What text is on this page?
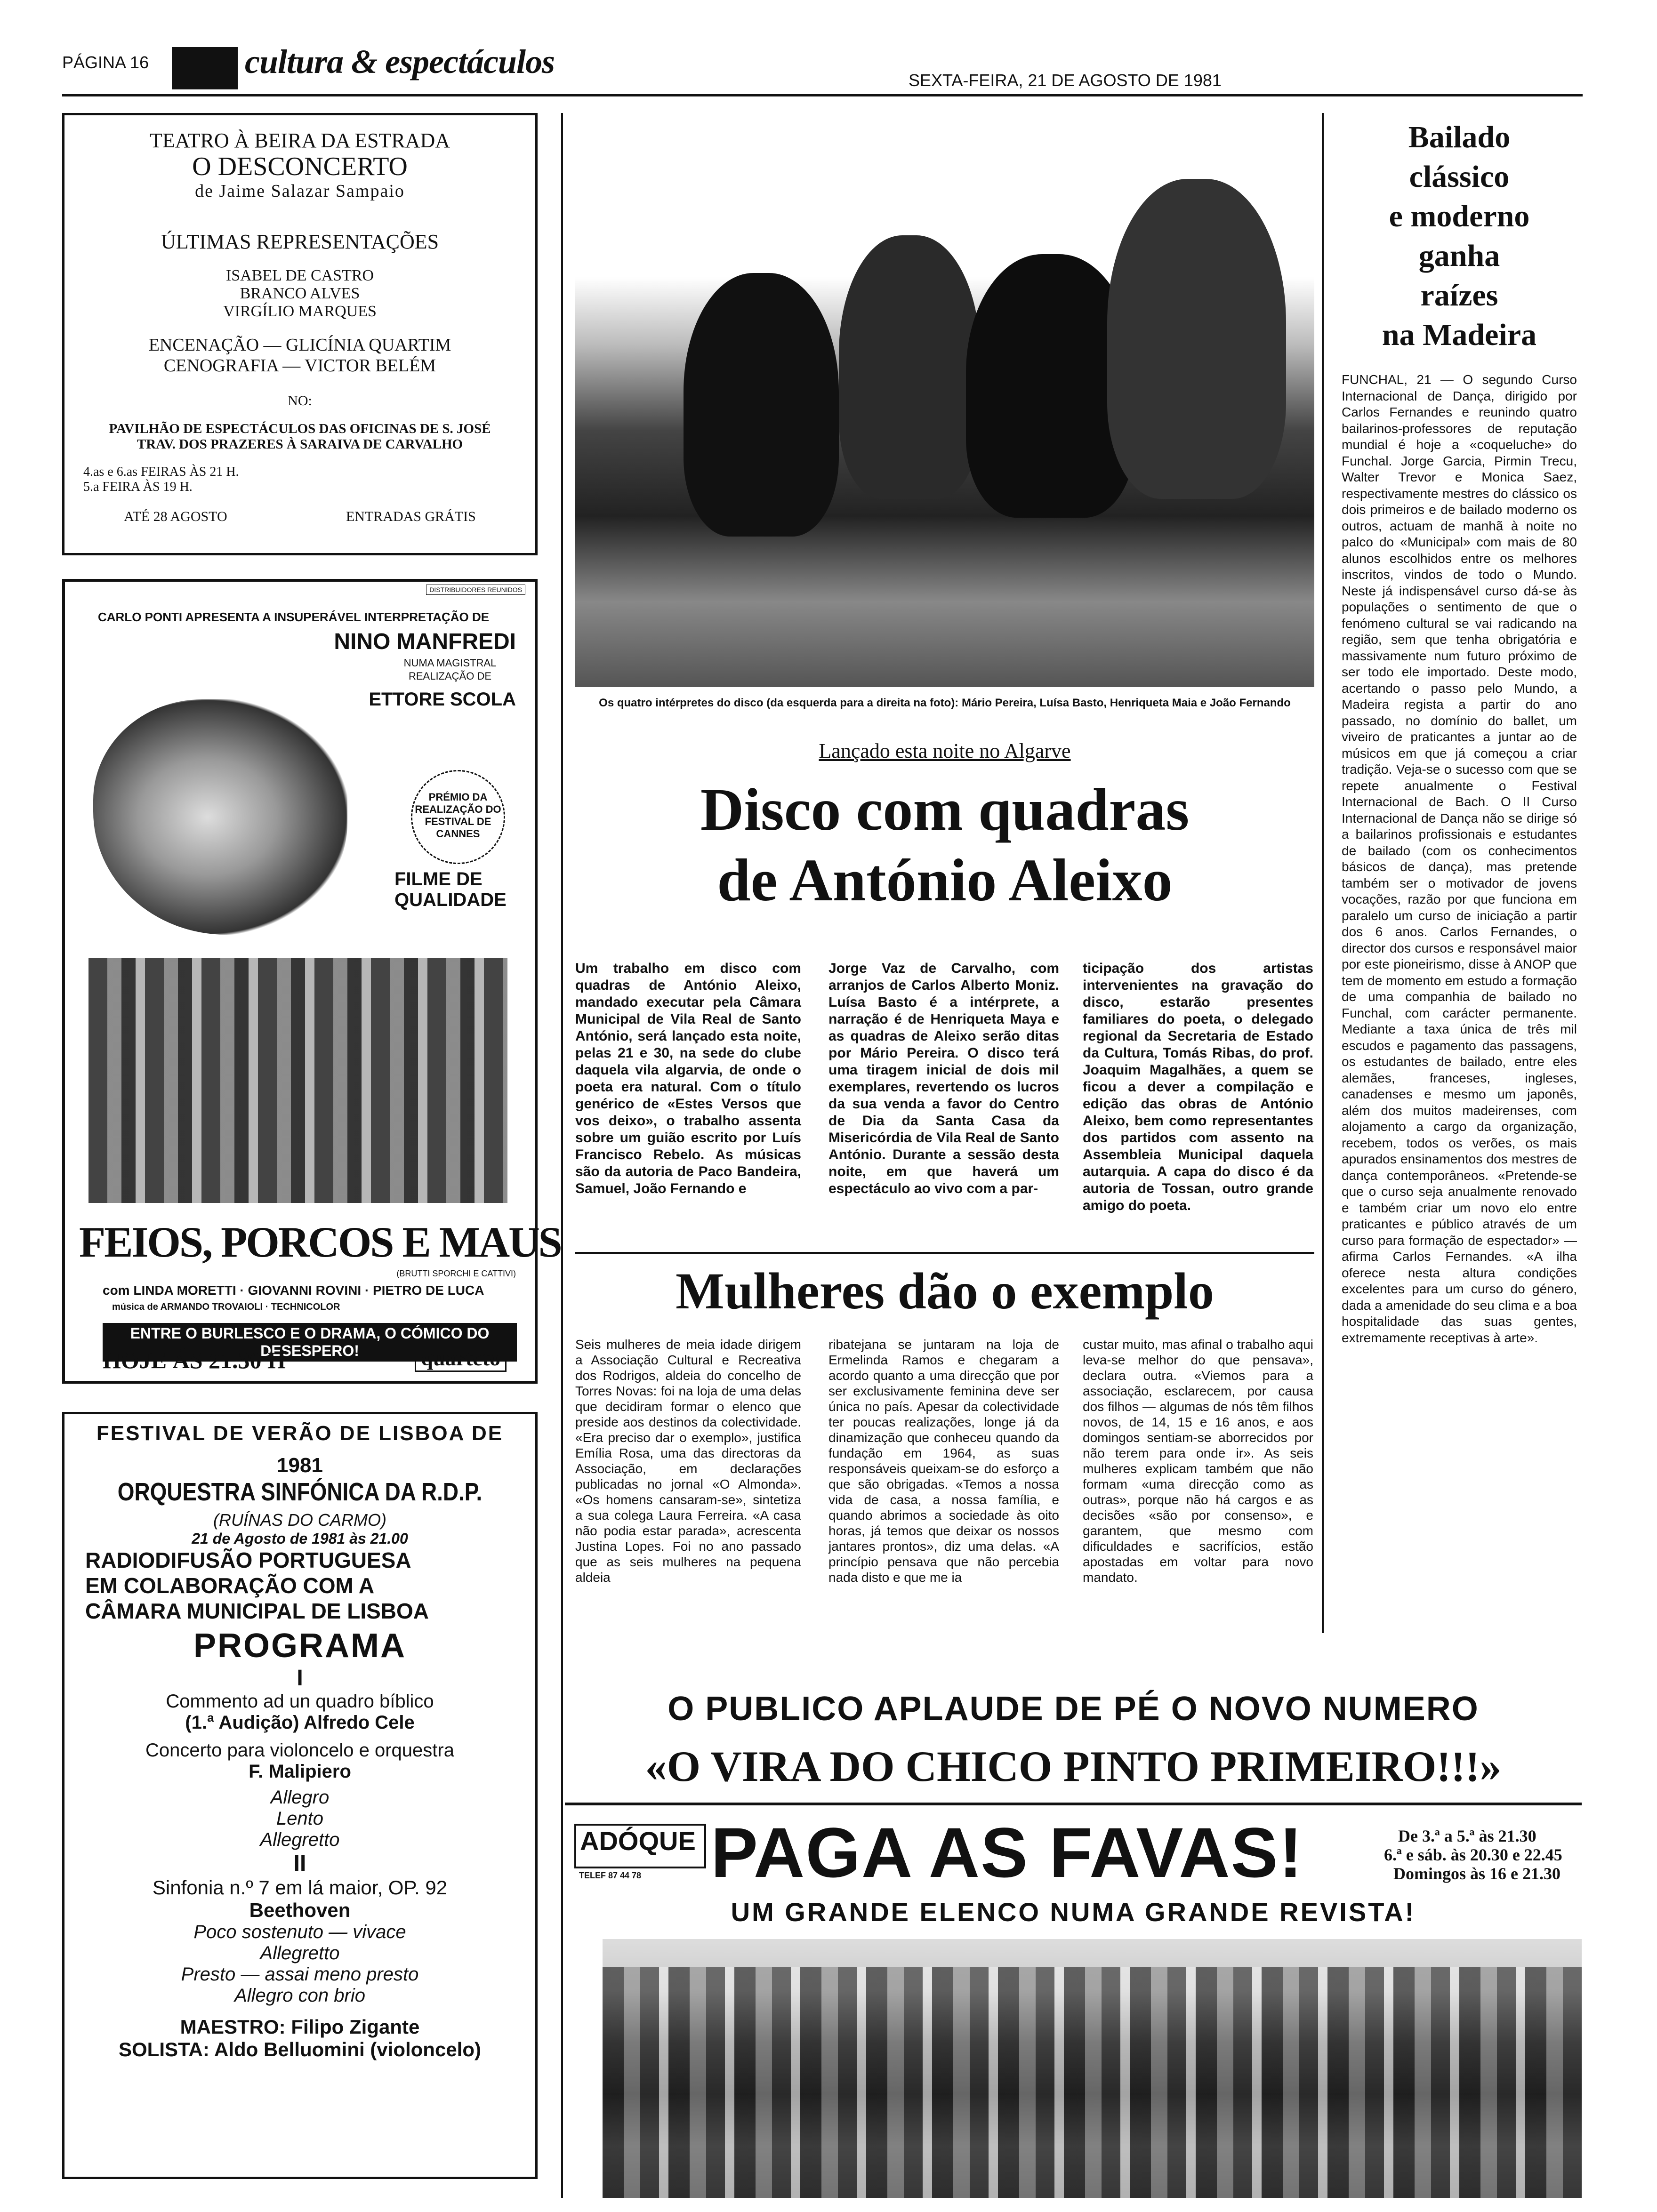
PÁGINA 16	cultura & espectáculos	SEXTA-FEIRA, 21 DE AGOSTO DE 1981
TEATRO À BEIRA DA ESTRADA
O DESCONCERTO
de Jaime Salazar Sampaio
ÚLTIMAS REPRESENTAÇÕES
ISABEL DE CASTRO
BRANCO ALVES
VIRGÍLIO MARQUES
ENCENAÇÃO — GLICÍNIA QUARTIM
CENOGRAFIA — VICTOR BELÉM
NO:
PAVILHÃO DE ESPECTÁCULOS DAS OFICINAS DE S. JOSÉ
TRAV. DOS PRAZERES À SARAIVA DE CARVALHO
4.as e 6.as FEIRAS ÀS 21 H.
5.a FEIRA ÀS 19 H.
ATÉ 28 AGOSTO	ENTRADAS GRÁTIS
DISTRIBUIDORES REUNIDOS
CARLO PONTI APRESENTA A INSUPERÁVEL INTERPRETAÇÃO DE
NINO MANFREDI
NUMA MAGISTRAL
REALIZAÇÃO DE
ETTORE SCOLA
PRÉMIO DA REALIZAÇÃO DO FESTIVAL DE CANNES
FILME DE QUALIDADE
FEIOS, PORCOS E MAUS
(BRUTTI SPORCHI E CATTIVI)
com LINDA MORETTI · GIOVANNI ROVINI · PIETRO DE LUCA
música de ARMANDO TROVAIOLI · TECHNICOLOR
ENTRE O BURLESCO E O DRAMA, O CÓMICO DO DESESPERO!
HOJE ÁS 21.30 H	quarteto
FESTIVAL DE VERÃO DE LISBOA DE
1981
ORQUESTRA SINFÓNICA DA R.D.P.
(RUÍNAS DO CARMO)
21 de Agosto de 1981 às 21.00
RADIODIFUSÃO PORTUGUESA
EM COLABORAÇÃO COM A
CÂMARA MUNICIPAL DE LISBOA
PROGRAMA
I
Commento ad un quadro bíblico
(1.ª Audição) Alfredo Cele
Concerto para violoncelo e orquestra
F. Malipiero
Allegro
Lento
Allegretto
II
Sinfonia n.º 7 em lá maior, OP. 92
Beethoven
Poco sostenuto — vivace
Allegretto
Presto — assai meno presto
Allegro con brio
MAESTRO: Filipo Zigante
SOLISTA: Aldo Belluomini (violoncelo)
Os quatro intérpretes do disco (da esquerda para a direita na foto): Mário Pereira, Luísa Basto, Henriqueta Maia e João Fernando
Lançado esta noite no Algarve
Disco com quadras
de António Aleixo
Um trabalho em disco com quadras de António Aleixo, mandado executar pela Câmara Municipal de Vila Real de Santo António, será lançado esta noite, pelas 21 e 30, na sede do clube daquela vila algarvia, de onde o poeta era natural. Com o título genérico de «Estes Versos que vos deixo», o trabalho assenta sobre um guião escrito por Luís Francisco Rebelo. As músicas são da autoria de Paco Bandeira, Samuel, João Fernando e
Jorge Vaz de Carvalho, com arranjos de Carlos Alberto Moniz. Luísa Basto é a intérprete, a narração é de Henriqueta Maya e as quadras de Aleixo serão ditas por Mário Pereira. O disco terá uma tiragem inicial de dois mil exemplares, revertendo os lucros da sua venda a favor do Centro de Dia da Santa Casa da Misericórdia de Vila Real de Santo António. Durante a sessão desta noite, em que haverá um espectáculo ao vivo com a par-
ticipação dos artistas intervenientes na gravação do disco, estarão presentes familiares do poeta, o delegado regional da Secretaria de Estado da Cultura, Tomás Ribas, do prof. Joaquim Magalhães, a quem se ficou a dever a compilação e edição das obras de António Aleixo, bem como representantes dos partidos com assento na Assembleia Municipal daquela autarquia. A capa do disco é da autoria de Tossan, outro grande amigo do poeta.
Mulheres dão o exemplo
Seis mulheres de meia idade dirigem a Associação Cultural e Recreativa dos Rodrigos, aldeia do concelho de Torres Novas: foi na loja de uma delas que decidiram formar o elenco que preside aos destinos da colectividade. «Era preciso dar o exemplo», justifica Emília Rosa, uma das directoras da Associação, em declarações publicadas no jornal «O Almonda». «Os homens cansaram-se», sintetiza a sua colega Laura Ferreira. «A casa não podia estar parada», acrescenta Justina Lopes. Foi no ano passado que as seis mulheres na pequena aldeia
ribatejana se juntaram na loja de Ermelinda Ramos e chegaram a acordo quanto a uma direcção que por ser exclusivamente feminina deve ser única no país. Apesar da colectividade ter poucas realizações, longe já da dinamização que conheceu quando da fundação em 1964, as suas responsáveis queixam-se do esforço a que são obrigadas. «Temos a nossa vida de casa, a nossa família, e quando abrimos a sociedade às oito horas, já temos que deixar os nossos jantares prontos», diz uma delas. «A princípio pensava que não percebia nada disto e que me ia
custar muito, mas afinal o trabalho aqui leva-se melhor do que pensava», declara outra. «Viemos para a associação, esclarecem, por causa dos filhos — algumas de nós têm filhos novos, de 14, 15 e 16 anos, e aos domingos sentiam-se aborrecidos por não terem para onde ir». As seis mulheres explicam também que não formam «uma direcção como as outras», porque não há cargos e as decisões «são por consenso», e garantem, que mesmo com dificuldades e sacrifícios, estão apostadas em voltar para novo mandato.
Bailado
clássico
e moderno
ganha
raízes
na Madeira
FUNCHAL, 21 — O segundo Curso Internacional de Dança, dirigido por Carlos Fernandes e reunindo quatro bailarinos-professores de reputação mundial é hoje a «coqueluche» do Funchal. Jorge Garcia, Pirmin Trecu, Walter Trevor e Monica Saez, respectivamente mestres do clássico os dois primeiros e de bailado moderno os outros, actuam de manhã à noite no palco do «Municipal» com mais de 80 alunos escolhidos entre os melhores inscritos, vindos de todo o Mundo. Neste já indispensável curso dá-se às populações o sentimento de que o fenómeno cultural se vai radicando na região, sem que tenha obrigatória e massivamente num futuro próximo de ser todo ele importado. Deste modo, acertando o passo pelo Mundo, a Madeira regista a partir do ano passado, no domínio do ballet, um viveiro de praticantes a juntar ao de músicos em que já começou a criar tradição. Veja-se o sucesso com que se repete anualmente o Festival Internacional de Bach. O II Curso Internacional de Dança não se dirige só a bailarinos profissionais e estudantes de bailado (com os conhecimentos básicos de dança), mas pretende também ser o motivador de jovens vocações, razão por que funciona em paralelo um curso de iniciação a partir dos 6 anos. Carlos Fernandes, o director dos cursos e responsável maior por este pioneirismo, disse à ANOP que tem de momento em estudo a formação de uma companhia de bailado no Funchal, com carácter permanente. Mediante a taxa única de três mil escudos e pagamento das passagens, os estudantes de bailado, entre eles alemães, franceses, ingleses, canadenses e mesmo um japonês, além dos muitos madeirenses, com alojamento a cargo da organização, recebem, todos os verões, os mais apurados ensinamentos dos mestres de dança contemporâneos. «Pretende-se que o curso seja anualmente renovado e também criar um novo elo entre praticantes e público através de um curso para formação de espectador» — afirma Carlos Fernandes. «A ilha oferece nesta altura condições excelentes para um curso do género, dada a amenidade do seu clima e a boa hospitalidade das suas gentes, extremamente receptivas à arte».
O PUBLICO APLAUDE DE PÉ O NOVO NUMERO
«O VIRA DO CHICO PINTO PRIMEIRO!!!»
ADÓQUE
TELEF 87 44 78 PAGA AS FAVAS!	De 3.ª a 5.ª às 21.30
6.ª e sáb. às 20.30 e 22.45
Domingos às 16 e 21.30
UM GRANDE ELENCO NUMA GRANDE REVISTA!
